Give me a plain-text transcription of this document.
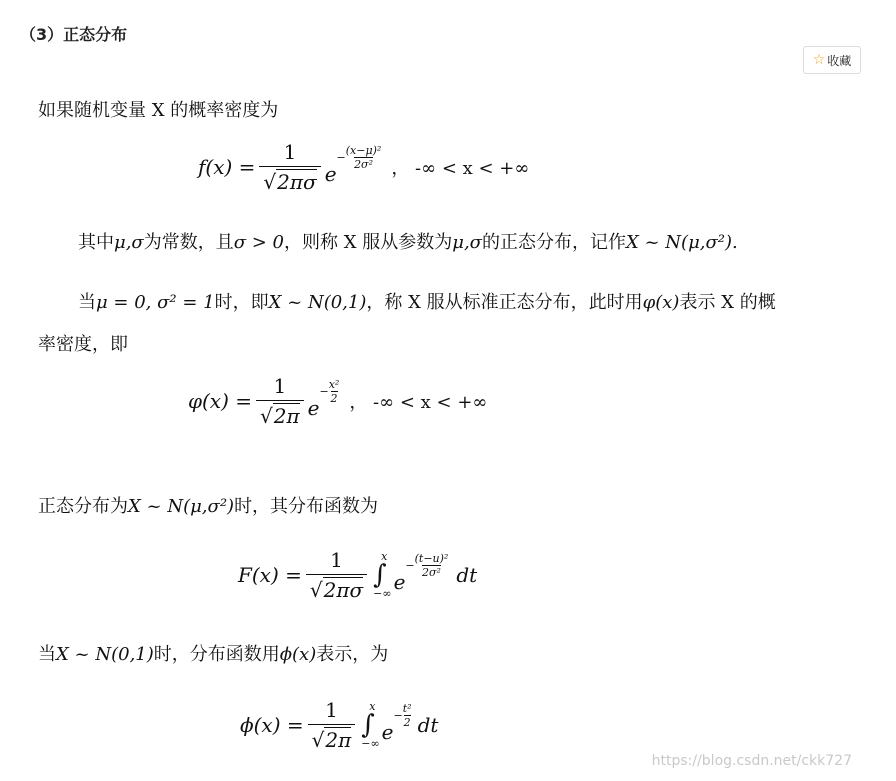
（3）正态分布
☆ 收藏
如果随机变量 X 的概率密度为
$f(x) = \frac{1}{√ 2\pi\sigma}$ e
− $\frac{\text{(x−μ)²}}{\text{2σ²}}$ ， -∞ < x < +∞
其中μ,σ为常数，且σ > 0，则称 X 服从参数为μ,σ的正态分布，记作X ~ N(μ,σ²).
当μ = 0, σ² = 1时，即X ~ N(0,1)，称 X 服从标准正态分布，此时用φ(x)表示 X 的概
率密度，即
$\varphi(x) = \frac{1}{√ 2\pi}$ e
− $\frac{\text{x²}}{2}$ ， -∞ < x < +∞
正态分布为X ~ N(μ,σ²)时，其分布函数为
$F(x) = \frac{1}{√ 2\pi\sigma}$ x
∫
−∞ e
− $\frac{\text{(t−u)²}}{\text{2σ²}}$ dt
当X ~ N(0,1)时，分布函数用ϕ(x)表示，为
$\phi(x) = \frac{1}{√ 2\pi}$ x
∫
−∞ e
− $\frac{\text{t²}}{2}$ dt
https://blog.csdn.net/ckk727
